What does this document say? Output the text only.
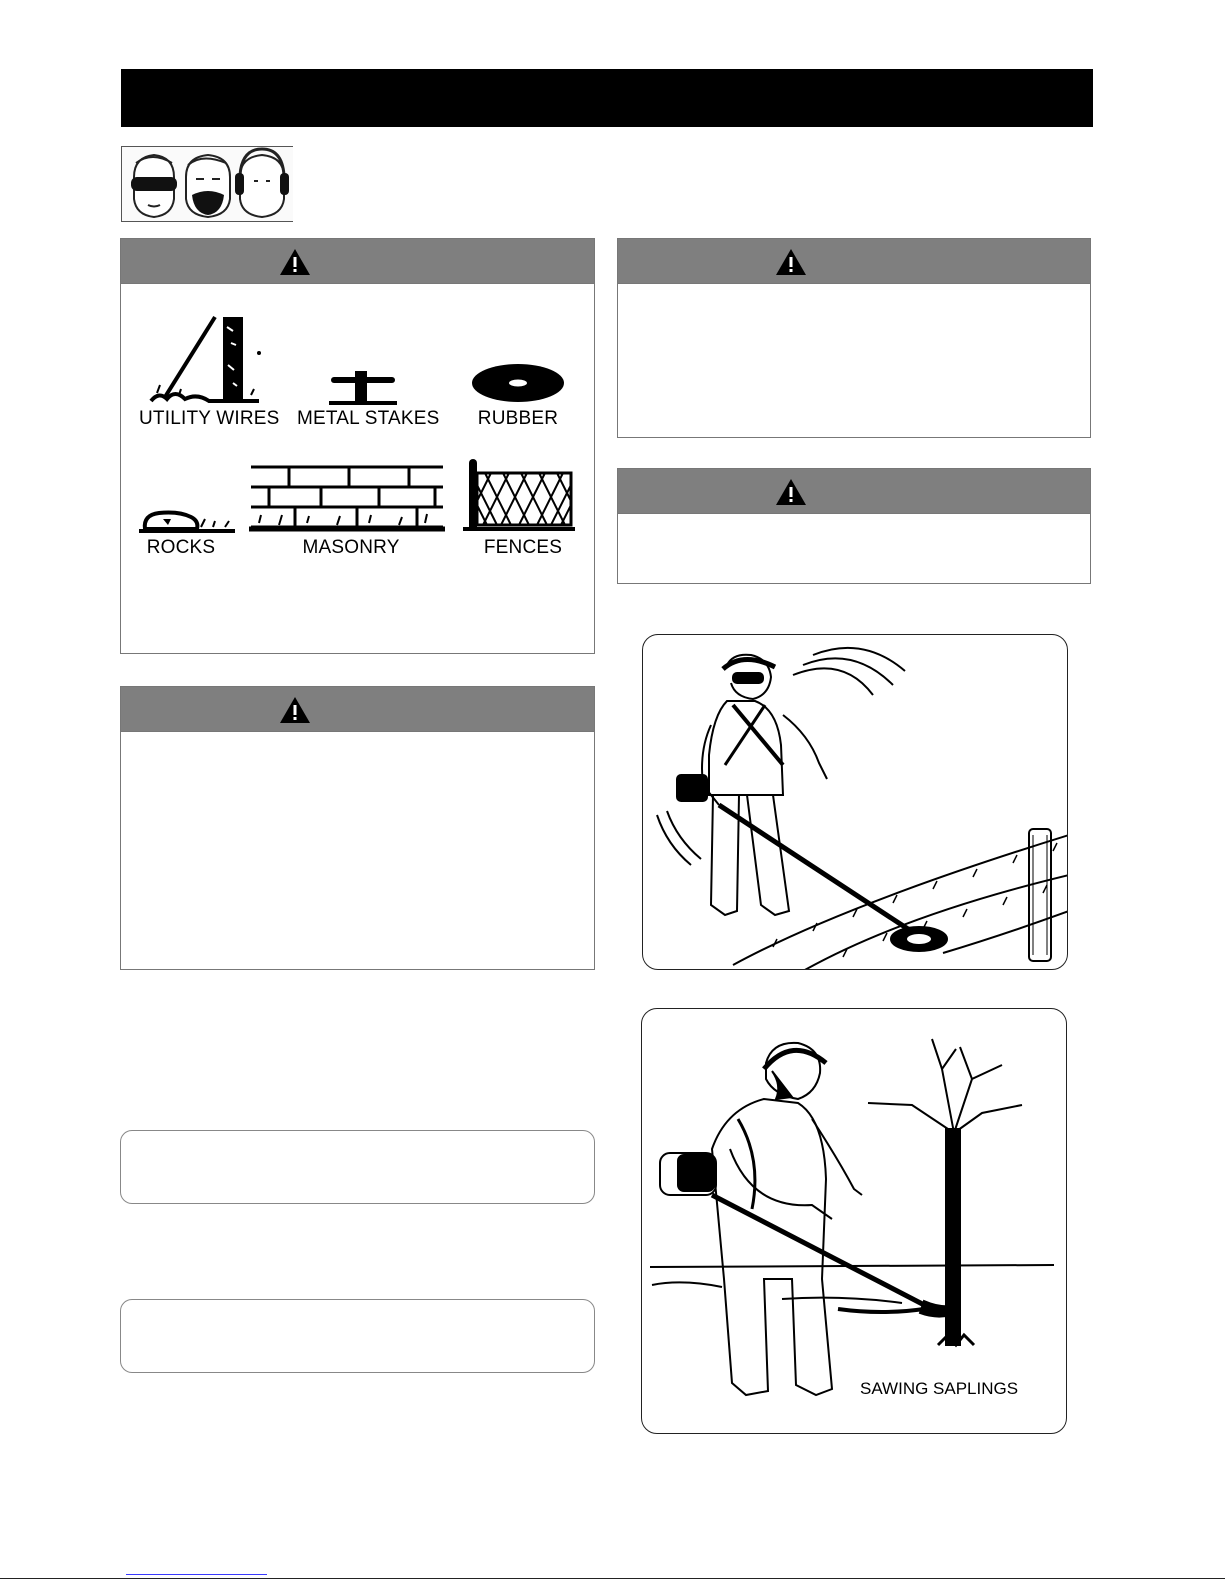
UTILITY WIRES METAL STAKES	RUBBER
ROCKS	MASONRY	FENCES
SAWING SAPLINGS
